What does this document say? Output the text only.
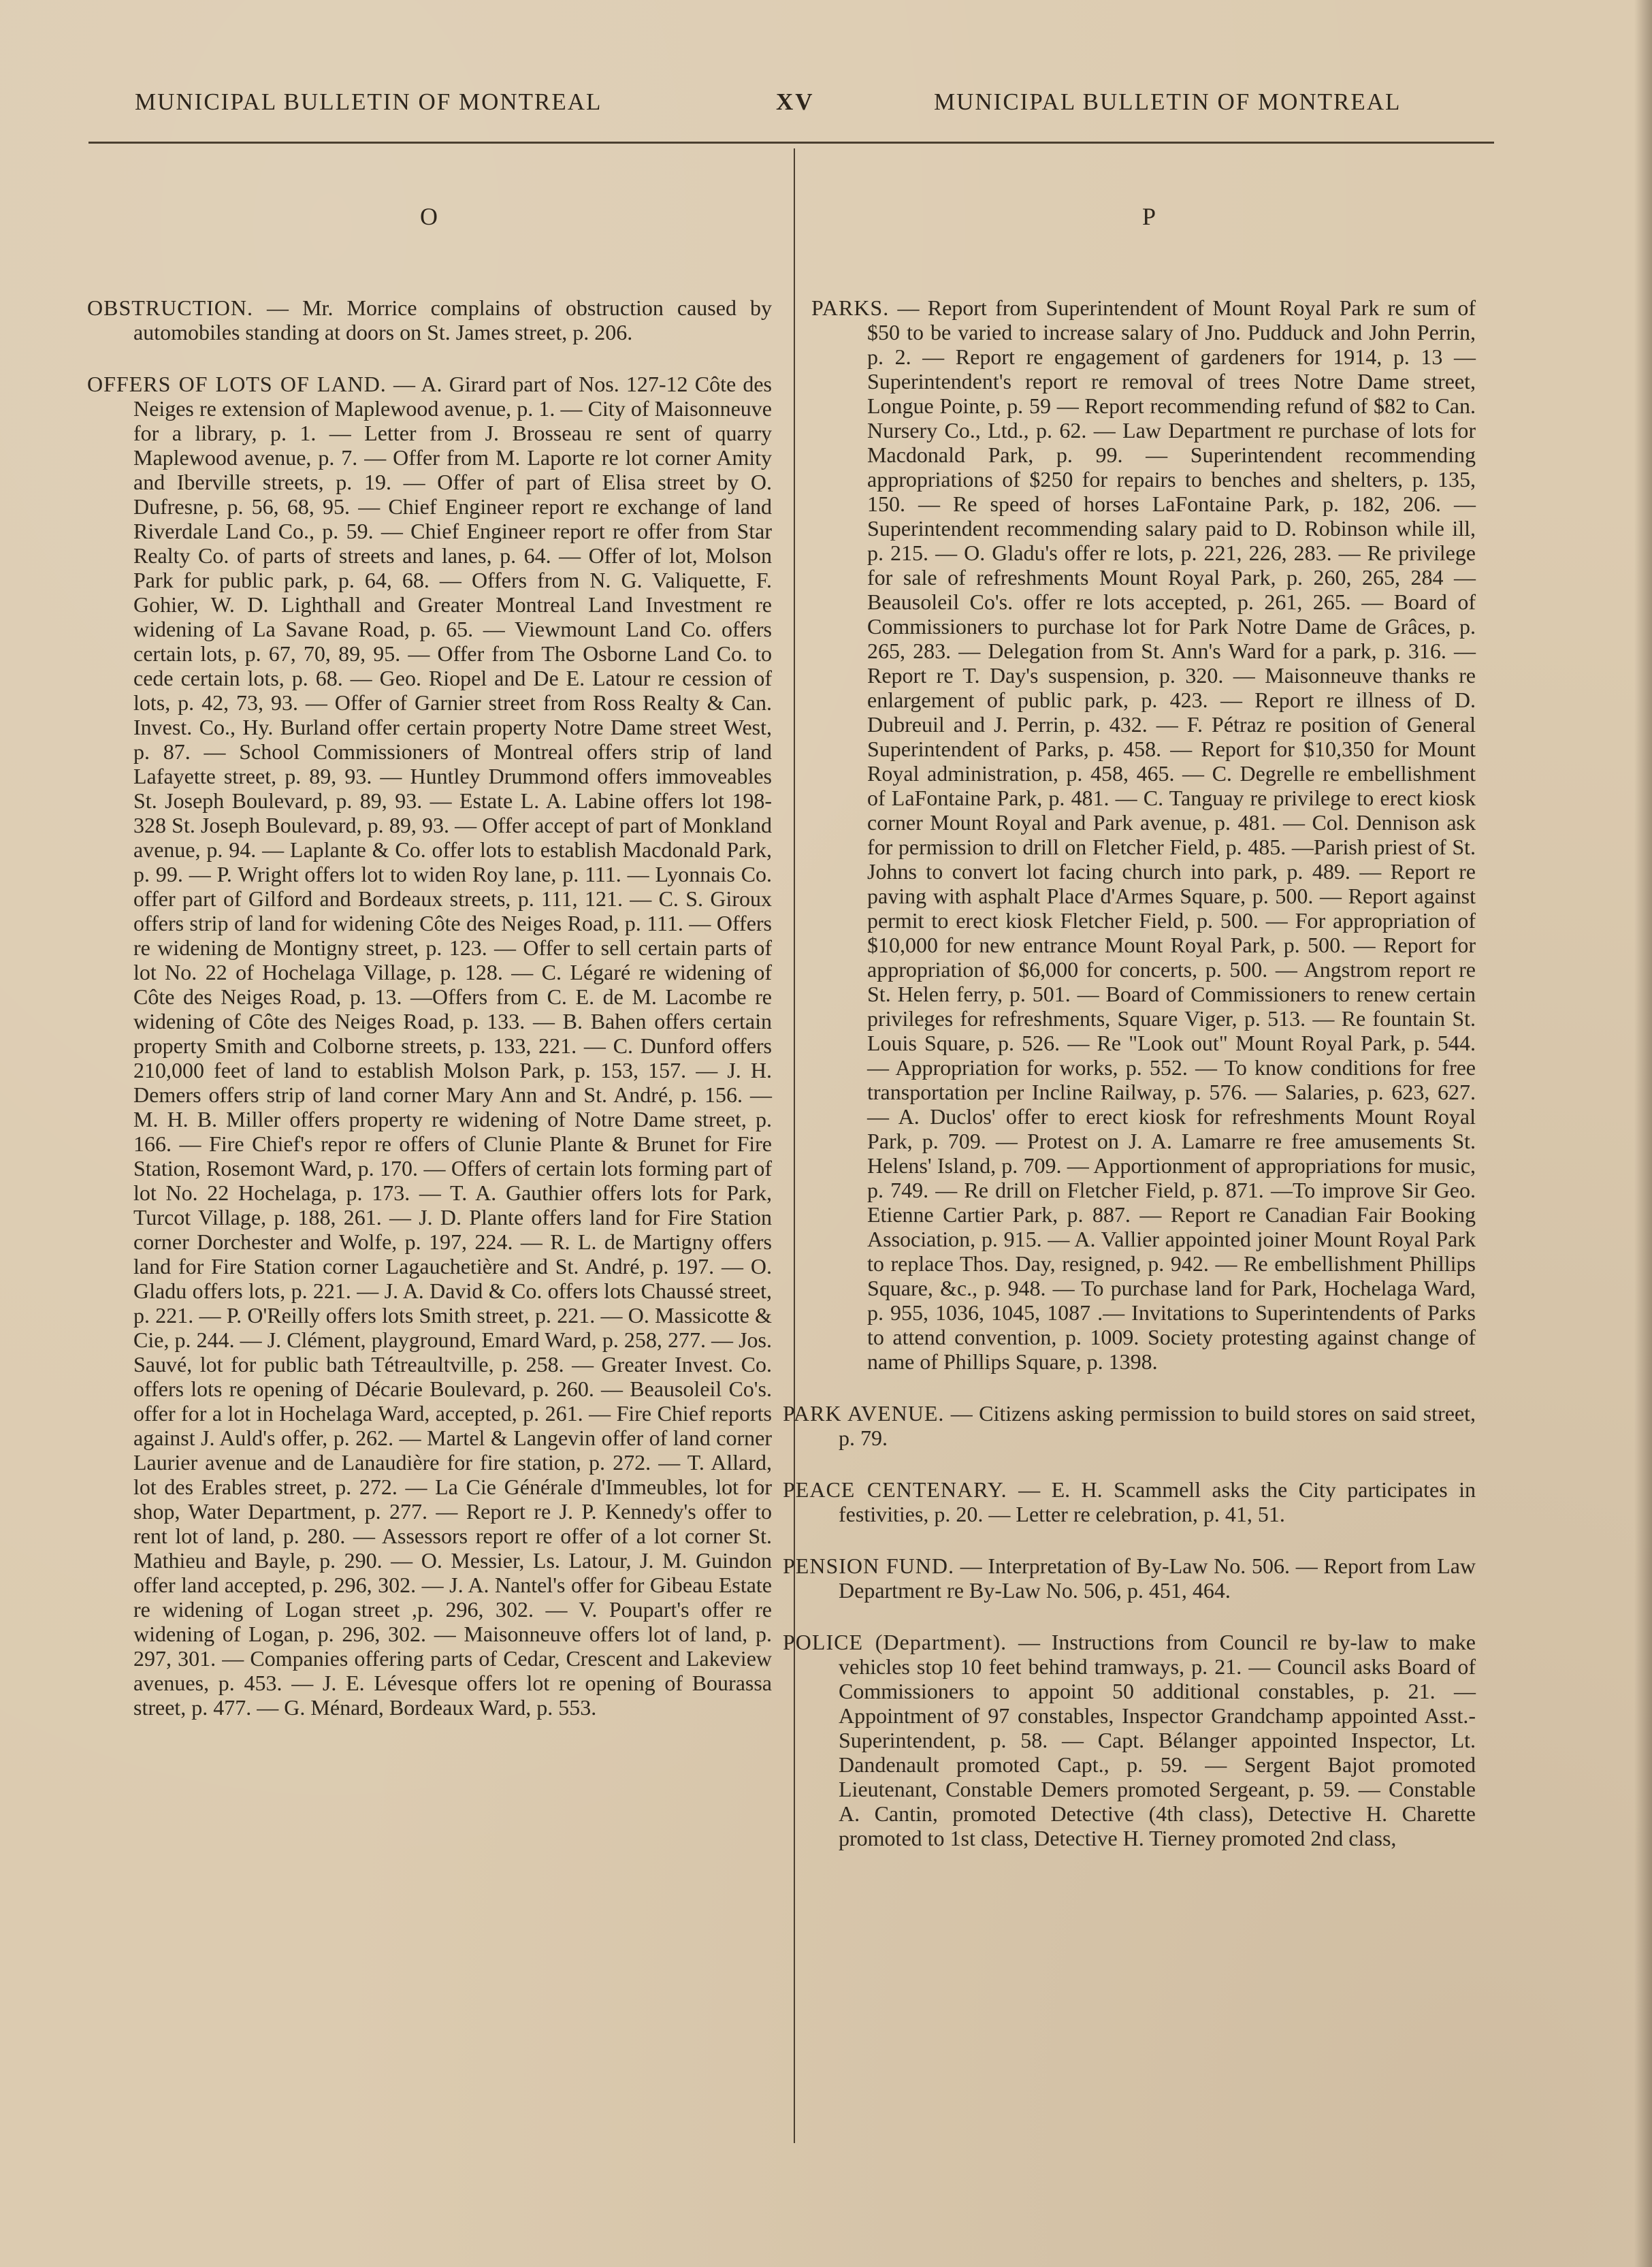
MUNICIPAL BULLETIN OF MONTREAL	XV	MUNICIPAL BULLETIN OF MONTREAL
O

OBSTRUCTION. — Mr. Morrice complains of obstruction caused by automobiles standing at doors on St. James street, p. 206.

OFFERS OF LOTS OF LAND. — A. Girard part of Nos. 127-12 Côte des Neiges re extension of Maplewood avenue, p. 1. — City of Maisonneuve for a library, p. 1. — Letter from J. Brosseau re sent of quarry Maplewood avenue, p. 7. — Offer from M. Laporte re lot corner Amity and Iberville streets, p. 19. — Offer of part of Elisa street by O. Dufresne, p. 56, 68, 95. — Chief Engineer report re exchange of land Riverdale Land Co., p. 59. — Chief Engineer report re offer from Star Realty Co. of parts of streets and lanes, p. 64. — Offer of lot, Molson Park for public park, p. 64, 68. — Offers from N. G. Valiquette, F. Gohier, W. D. Lighthall and Greater Montreal Land Investment re widening of La Savane Road, p. 65. — Viewmount Land Co. offers certain lots, p. 67, 70, 89, 95. — Offer from The Osborne Land Co. to cede certain lots, p. 68. — Geo. Riopel and De E. Latour re cession of lots, p. 42, 73, 93. — Offer of Garnier street from Ross Realty & Can. Invest. Co., Hy. Burland offer certain property Notre Dame street West, p. 87. — School Commissioners of Montreal offers strip of land Lafayette street, p. 89, 93. — Huntley Drummond offers immoveables St. Joseph Boulevard, p. 89, 93. — Estate L. A. Labine offers lot 198-328 St. Joseph Boulevard, p. 89, 93. — Offer accept of part of Monkland avenue, p. 94. — Laplante & Co. offer lots to establish Macdonald Park, p. 99. — P. Wright offers lot to widen Roy lane, p. 111. — Lyonnais Co. offer part of Gilford and Bordeaux streets, p. 111, 121. — C. S. Giroux offers strip of land for widening Côte des Neiges Road, p. 111. — Offers re widening de Montigny street, p. 123. — Offer to sell certain parts of lot No. 22 of Hochelaga Village, p. 128. — C. Légaré re widening of Côte des Neiges Road, p. 13. —Offers from C. E. de M. Lacombe re widening of Côte des Neiges Road, p. 133. — B. Bahen offers certain property Smith and Colborne streets, p. 133, 221. — C. Dunford offers 210,000 feet of land to establish Molson Park, p. 153, 157. — J. H. Demers offers strip of land corner Mary Ann and St. André, p. 156. — M. H. B. Miller offers property re widening of Notre Dame street, p. 166. — Fire Chief's repor re offers of Clunie Plante & Brunet for Fire Station, Rosemont Ward, p. 170. — Offers of certain lots forming part of lot No. 22 Hochelaga, p. 173. — T. A. Gauthier offers lots for Park, Turcot Village, p. 188, 261. — J. D. Plante offers land for Fire Station corner Dorchester and Wolfe, p. 197, 224. — R. L. de Martigny offers land for Fire Station corner Lagauchetière and St. André, p. 197. — O. Gladu offers lots, p. 221. — J. A. David & Co. offers lots Chaussé street, p. 221. — P. O'Reilly offers lots Smith street, p. 221. — O. Massicotte & Cie, p. 244. — J. Clément, playground, Emard Ward, p. 258, 277. — Jos. Sauvé, lot for public bath Tétreaultville, p. 258. — Greater Invest. Co. offers lots re opening of Décarie Boulevard, p. 260. — Beausoleil Co's. offer for a lot in Hochelaga Ward, accepted, p. 261. — Fire Chief reports against J. Auld's offer, p. 262. — Martel & Langevin offer of land corner Laurier avenue and de Lanaudière for fire station, p. 272. — T. Allard, lot des Erables street, p. 272. — La Cie Générale d'Immeubles, lot for shop, Water Department, p. 277. — Report re J. P. Kennedy's offer to rent lot of land, p. 280. — Assessors report re offer of a lot corner St. Mathieu and Bayle, p. 290. — O. Messier, Ls. Latour, J. M. Guindon offer land accepted, p. 296, 302. — J. A. Nantel's offer for Gibeau Estate re widening of Logan street ,p. 296, 302. — V. Poupart's offer re widening of Logan, p. 296, 302. — Maisonneuve offers lot of land, p. 297, 301. — Companies offering parts of Cedar, Crescent and Lakeview avenues, p. 453. — J. E. Lévesque offers lot re opening of Bourassa street, p. 477. — G. Ménard, Bordeaux Ward, p. 553.

P

PARKS. — Report from Superintendent of Mount Royal Park re sum of $50 to be varied to increase salary of Jno. Pudduck and John Perrin, p. 2. — Report re engagement of gardeners for 1914, p. 13 — Superintendent's report re removal of trees Notre Dame street, Longue Pointe, p. 59 — Report recommending refund of $82 to Can. Nursery Co., Ltd., p. 62. — Law Department re purchase of lots for Macdonald Park, p. 99. — Superintendent recommending appropriations of $250 for repairs to benches and shelters, p. 135, 150. — Re speed of horses LaFontaine Park, p. 182, 206. — Superintendent recommending salary paid to D. Robinson while ill, p. 215. — O. Gladu's offer re lots, p. 221, 226, 283. — Re privilege for sale of refreshments Mount Royal Park, p. 260, 265, 284 — Beausoleil Co's. offer re lots accepted, p. 261, 265. — Board of Commissioners to purchase lot for Park Notre Dame de Grâces, p. 265, 283. — Delegation from St. Ann's Ward for a park, p. 316. — Report re T. Day's suspension, p. 320. — Maisonneuve thanks re enlargement of public park, p. 423. — Report re illness of D. Dubreuil and J. Perrin, p. 432. — F. Pétraz re position of General Superintendent of Parks, p. 458. — Report for $10,350 for Mount Royal administration, p. 458, 465. — C. Degrelle re embellishment of LaFontaine Park, p. 481. — C. Tanguay re privilege to erect kiosk corner Mount Royal and Park avenue, p. 481. — Col. Dennison ask for permission to drill on Fletcher Field, p. 485. —Parish priest of St. Johns to convert lot facing church into park, p. 489. — Report re paving with asphalt Place d'Armes Square, p. 500. — Report against permit to erect kiosk Fletcher Field, p. 500. — For appropriation of $10,000 for new entrance Mount Royal Park, p. 500. — Report for appropriation of $6,000 for concerts, p. 500. — Angstrom report re St. Helen ferry, p. 501. — Board of Commissioners to renew certain privileges for refreshments, Square Viger, p. 513. — Re fountain St. Louis Square, p. 526. — Re "Look out" Mount Royal Park, p. 544. — Appropriation for works, p. 552. — To know conditions for free transportation per Incline Railway, p. 576. — Salaries, p. 623, 627. — A. Duclos' offer to erect kiosk for refreshments Mount Royal Park, p. 709. — Protest on J. A. Lamarre re free amusements St. Helens' Island, p. 709. — Apportionment of appropriations for music, p. 749. — Re drill on Fletcher Field, p. 871. —To improve Sir Geo. Etienne Cartier Park, p. 887. — Report re Canadian Fair Booking Association, p. 915. — A. Vallier appointed joiner Mount Royal Park to replace Thos. Day, resigned, p. 942. — Re embellishment Phillips Square, &c., p. 948. — To purchase land for Park, Hochelaga Ward, p. 955, 1036, 1045, 1087 .— Invitations to Superintendents of Parks to attend convention, p. 1009. Society protesting against change of name of Phillips Square, p. 1398.

PARK AVENUE. — Citizens asking permission to build stores on said street, p. 79.

PEACE CENTENARY. — E. H. Scammell asks the City participates in festivities, p. 20. — Letter re celebration, p. 41, 51.

PENSION FUND. — Interpretation of By-Law No. 506. — Report from Law Department re By-Law No. 506, p. 451, 464.

POLICE (Department). — Instructions from Council re by-law to make vehicles stop 10 feet behind tramways, p. 21. — Council asks Board of Commissioners to appoint 50 additional constables, p. 21. — Appointment of 97 constables, Inspector Grandchamp appointed Asst.-Superintendent, p. 58. — Capt. Bélanger appointed Inspector, Lt. Dandenault promoted Capt., p. 59. — Sergent Bajot promoted Lieutenant, Constable Demers promoted Sergeant, p. 59. — Constable A. Cantin, promoted Detective (4th class), Detective H. Charette promoted to 1st class, Detective H. Tierney promoted 2nd class,
